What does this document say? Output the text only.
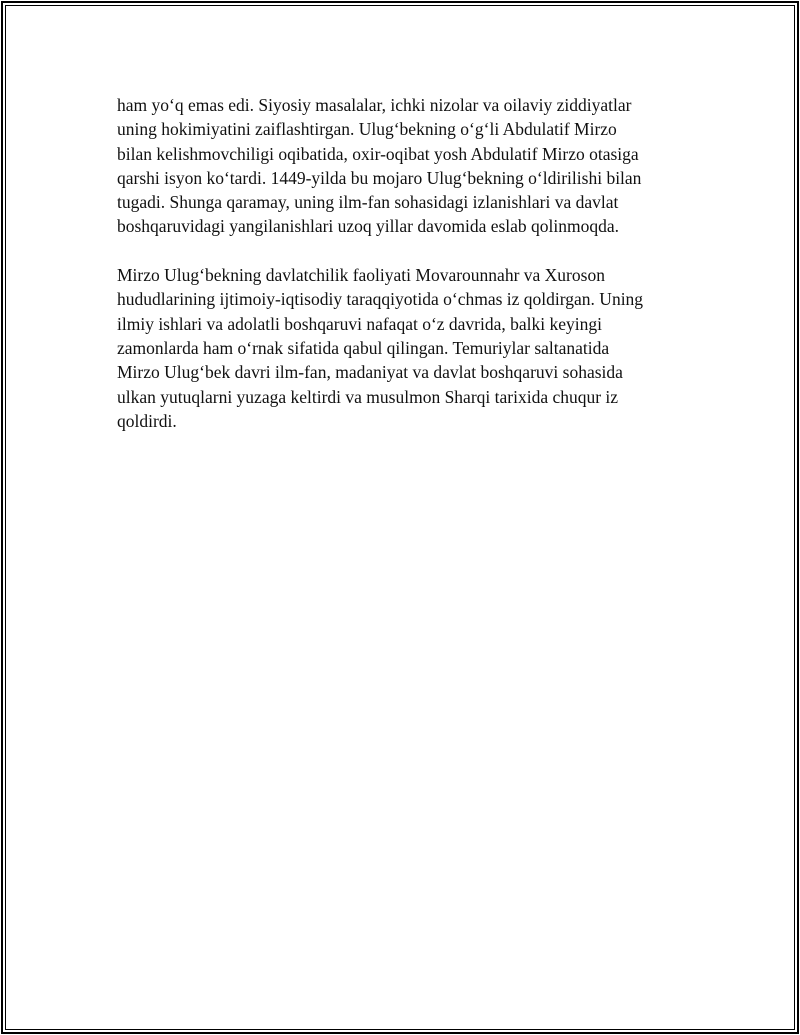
ham yo‘q emas edi. Siyosiy masalalar, ichki nizolar va oilaviy ziddiyatlar
uning hokimiyatini zaiflashtirgan. Ulug‘bekning o‘g‘li Abdulatif Mirzo
bilan kelishmovchiligi oqibatida, oxir-oqibat yosh Abdulatif Mirzo otasiga
qarshi isyon ko‘tardi. 1449-yilda bu mojaro Ulug‘bekning o‘ldirilishi bilan
tugadi. Shunga qaramay, uning ilm-fan sohasidagi izlanishlari va davlat
boshqaruvidagi yangilanishlari uzoq yillar davomida eslab qolinmoqda.
Mirzo Ulug‘bekning davlatchilik faoliyati Movarounnahr va Xuroson
hududlarining ijtimoiy-iqtisodiy taraqqiyotida o‘chmas iz qoldirgan. Uning
ilmiy ishlari va adolatli boshqaruvi nafaqat o‘z davrida, balki keyingi
zamonlarda ham o‘rnak sifatida qabul qilingan. Temuriylar saltanatida
Mirzo Ulug‘bek davri ilm-fan, madaniyat va davlat boshqaruvi sohasida
ulkan yutuqlarni yuzaga keltirdi va musulmon Sharqi tarixida chuqur iz
qoldirdi.
